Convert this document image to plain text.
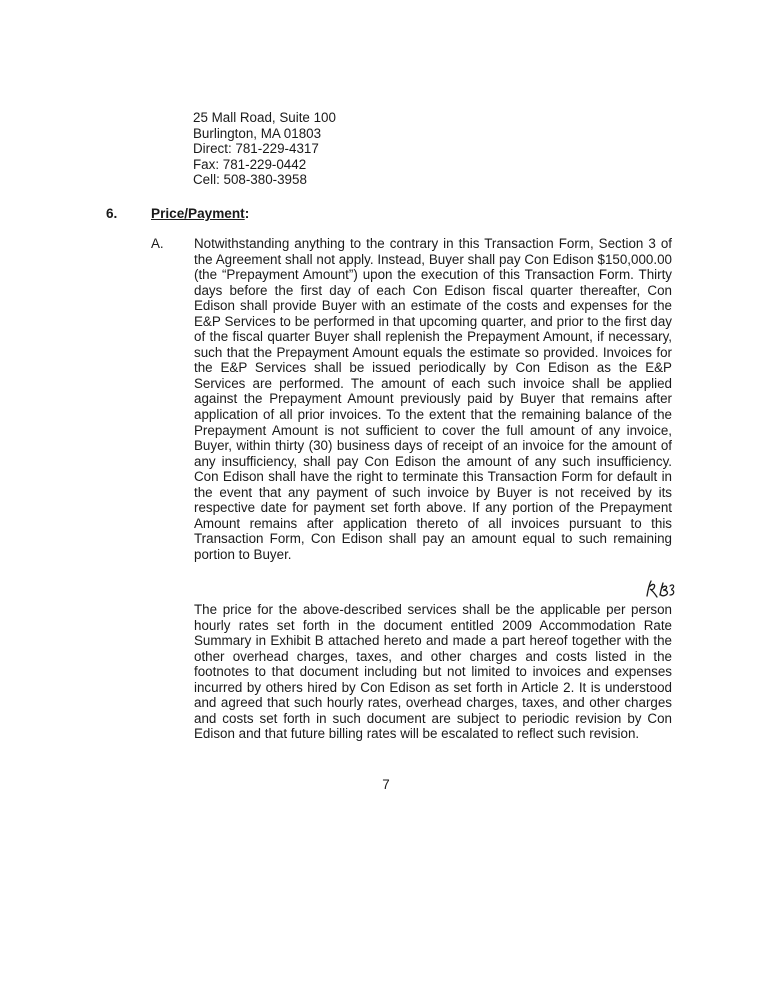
25 Mall Road, Suite 100
Burlington, MA 01803
Direct: 781-229-4317
Fax: 781-229-0442
Cell: 508-380-3958
6. Price/Payment:
A. Notwithstanding anything to the contrary in this Transaction Form, Section 3 of the Agreement shall not apply. Instead, Buyer shall pay Con Edison $150,000.00 (the “Prepayment Amount”) upon the execution of this Transaction Form. Thirty days before the first day of each Con Edison fiscal quarter thereafter, Con Edison shall provide Buyer with an estimate of the costs and expenses for the E&P Services to be performed in that upcoming quarter, and prior to the first day of the fiscal quarter Buyer shall replenish the Prepayment Amount, if necessary, such that the Prepayment Amount equals the estimate so provided. Invoices for the E&P Services shall be issued periodically by Con Edison as the E&P Services are performed. The amount of each such invoice shall be applied against the Prepayment Amount previously paid by Buyer that remains after application of all prior invoices. To the extent that the remaining balance of the Prepayment Amount is not sufficient to cover the full amount of any invoice, Buyer, within thirty (30) business days of receipt of an invoice for the amount of any insufficiency, shall pay Con Edison the amount of any such insufficiency. Con Edison shall have the right to terminate this Transaction Form for default in the event that any payment of such invoice by Buyer is not received by its respective date for payment set forth above. If any portion of the Prepayment Amount remains after application thereto of all invoices pursuant to this Transaction Form, Con Edison shall pay an amount equal to such remaining portion to Buyer.

The price for the above-described services shall be the applicable per person hourly rates set forth in the document entitled 2009 Accommodation Rate Summary in Exhibit B attached hereto and made a part hereof together with the other overhead charges, taxes, and other charges and costs listed in the footnotes to that document including but not limited to invoices and expenses incurred by others hired by Con Edison as set forth in Article 2. It is understood and agreed that such hourly rates, overhead charges, taxes, and other charges and costs set forth in such document are subject to periodic revision by Con Edison and that future billing rates will be escalated to reflect such revision.

7
